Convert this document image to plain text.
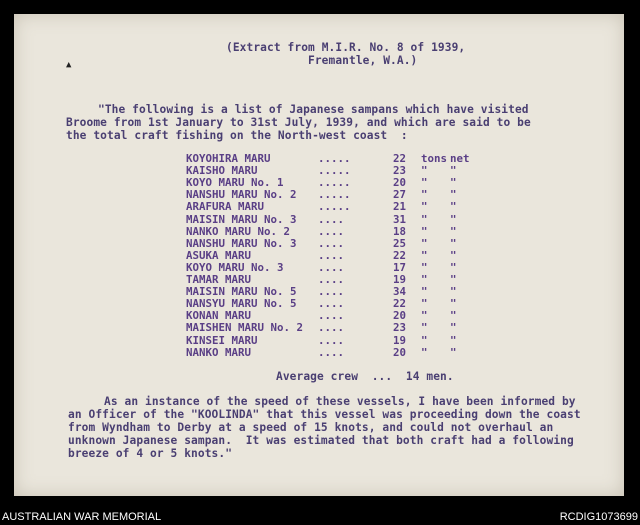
▲
(Extract from M.I.R. No. 8 of 1939,
Fremantle, W.A.)
"The following is a list of Japanese sampans which have visited
Broome from 1st January to 31st July, 1939, and which are said to be
the total craft fishing on the North-west coast  :
KOYOHIRA MARU	.....	22 tons net
KAISHO MARU	.....	23 " "
KOYO MARU No. 1	.....	20 " "
NANSHU MARU No. 2 .....	27 " "
ARAFURA MARU	.....	21 " "
MAISIN MARU No. 3 ....	31 " "
NANKO MARU No. 2	....	18 " "
NANSHU MARU No. 3 ....	25 " "
ASUKA MARU	....	22 " "
KOYO MARU No. 3	....	17 " "
TAMAR MARU	....	19 " "
MAISIN MARU No. 5 ....	34 " "
NANSYU MARU No. 5 ....	22 " "
KONAN MARU	....	20 " "
MAISHEN MARU No. 2 ....	23 " "
KINSEI MARU	....	19 " "
NANKO MARU	....	20 " "
Average crew  ...  14 men.
As an instance of the speed of these vessels, I have been informed by
an Officer of the "KOOLINDA" that this vessel was proceeding down the coast
from Wyndham to Derby at a speed of 15 knots, and could not overhaul an
unknown Japanese sampan.  It was estimated that both craft had a following
breeze of 4 or 5 knots."
AUSTRALIAN WAR MEMORIAL	RCDIG1073699
